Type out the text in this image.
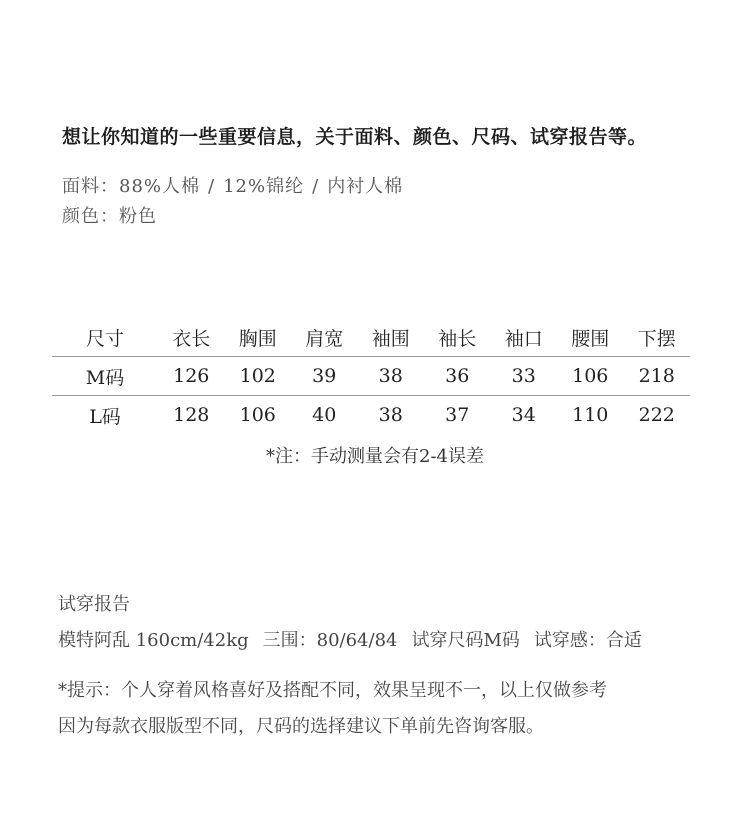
想让你知道的一些重要信息，关于面料、颜色、尺码、试穿报告等。
面料：88%人棉 / 12%锦纶 / 内衬人棉
颜色：粉色
尺寸	衣长	胸围	肩宽	袖围	袖长	袖口	腰围	下摆
M码	126	102	39	38	36	33	106	218
L码	128	106	40	38	37	34	110	222
*注：手动测量会有2-4误差
试穿报告
模特阿乱 160cm/42kg 三围：80/64/84 试穿尺码M码 试穿感：合适
*提示：个人穿着风格喜好及搭配不同，效果呈现不一，以上仅做参考
因为每款衣服版型不同，尺码的选择建议下单前先咨询客服。
